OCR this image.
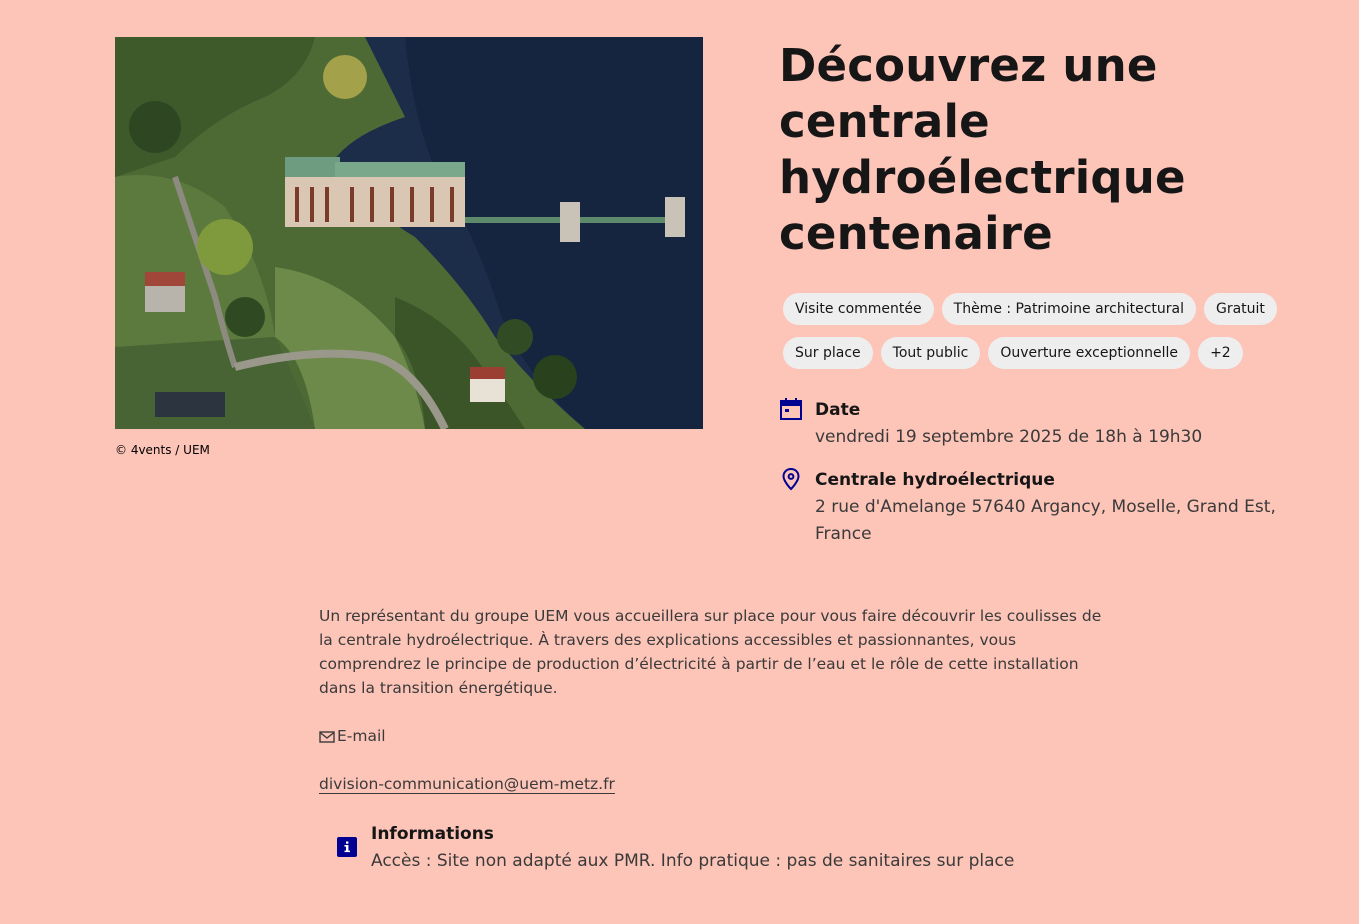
© 4vents / UEM
Découvrez une centrale hydroélectrique centenaire
Visite commentée	Thème : Patrimoine architectural	Gratuit
Sur place	Tout public	Ouverture exceptionnelle	+2
Date
vendredi 19 septembre 2025 de 18h à 19h30
Centrale hydroélectrique
2 rue d'Amelange 57640 Argancy, Moselle, Grand Est, France

Un représentant du groupe UEM vous accueillera sur place pour vous faire découvrir les coulisses de la centrale hydroélectrique. À travers des explications accessibles et passionnantes, vous comprendrez le principe de production d’électricité à partir de l’eau et le rôle de cette installation dans la transition énergétique.

E-mail
division-communication@uem-metz.fr
Informations
Accès : Site non adapté aux PMR. Info pratique : pas de sanitaires sur place
